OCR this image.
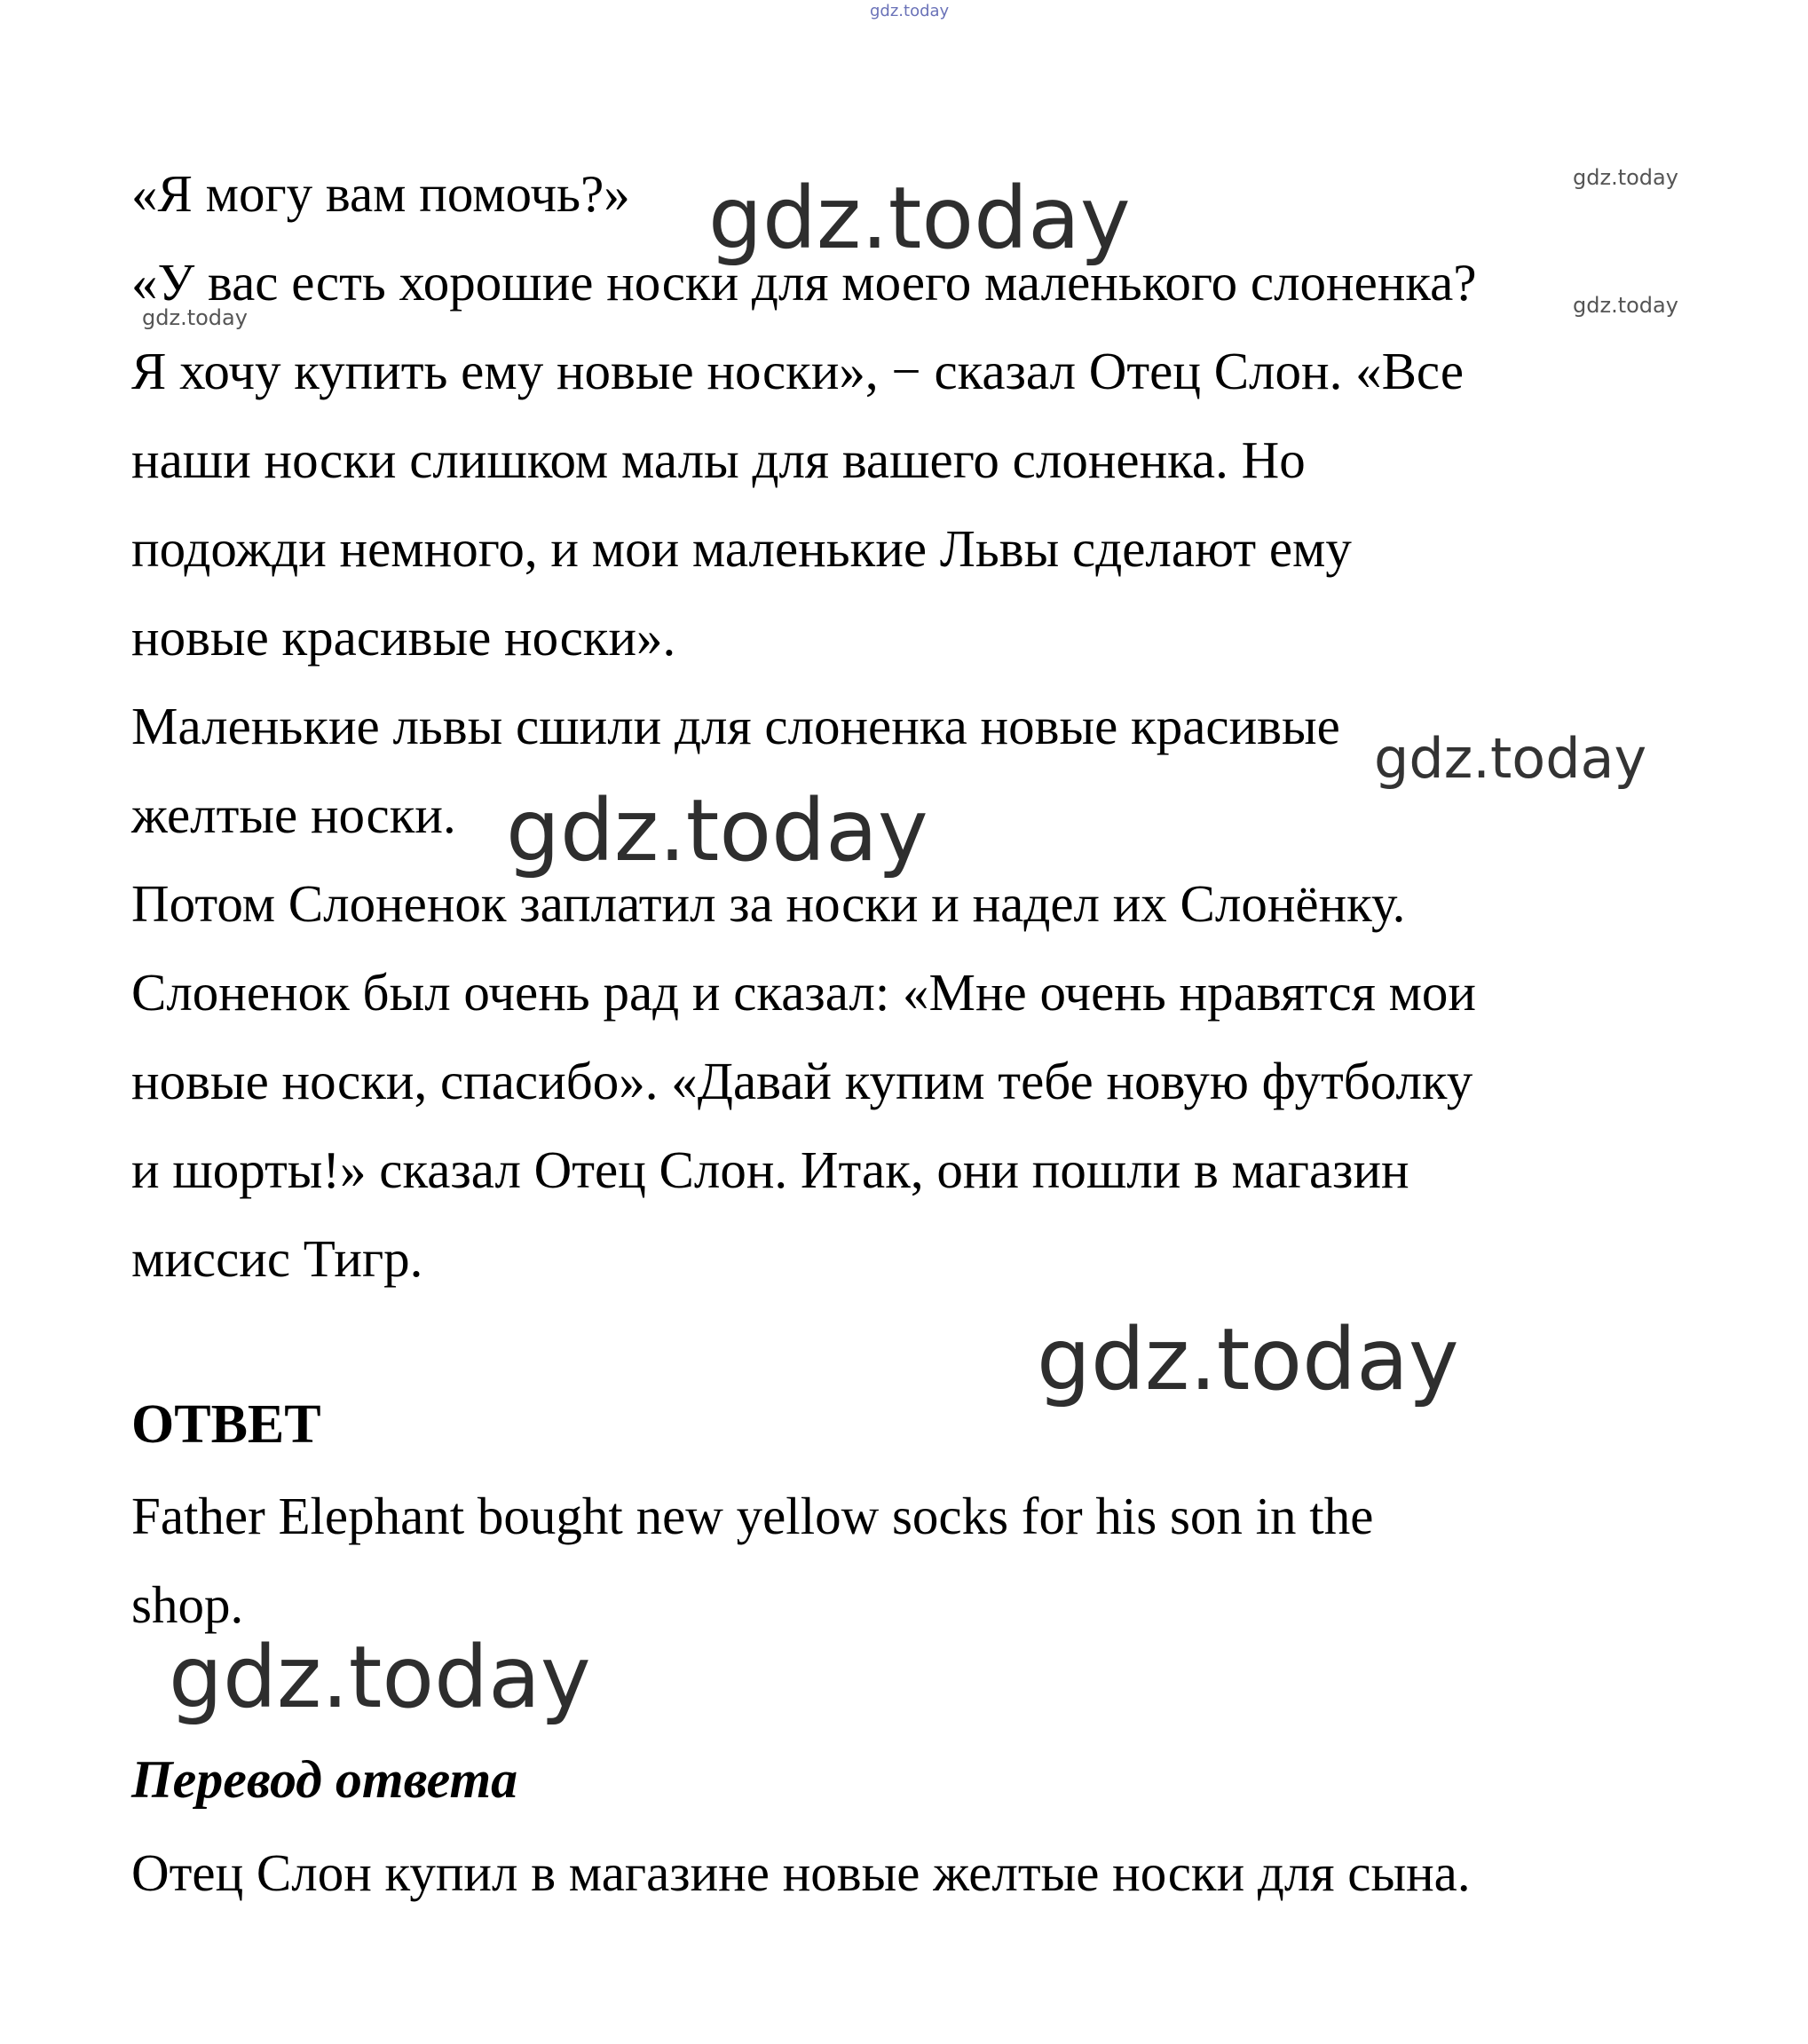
gdz.today
«Я могу вам помочь?»
«У вас есть хорошие носки для моего маленького слоненка?
Я хочу купить ему новые носки», − сказал Отец Слон. «Все
наши носки слишком малы для вашего слоненка. Но
подожди немного, и мои маленькие Львы сделают ему
новые красивые носки».
Маленькие львы сшили для слоненка новые красивые
желтые носки.
Потом Слоненок заплатил за носки и надел их Слонёнку.
Слоненок был очень рад и сказал: «Мне очень нравятся мои
новые носки, спасибо». «Давай купим тебе новую футболку
и шорты!» сказал Отец Слон. Итак, они пошли в магазин
миссис Тигр.
ОТВЕТ
Father Elephant bought new yellow socks for his son in the
shop.
Перевод ответа

Отец Слон купил в магазине новые желтые носки для сына.

gdz.today
gdz.today
gdz.today	gdz.today
gdz.today
gdz.today
gdz.today
gdz.today
